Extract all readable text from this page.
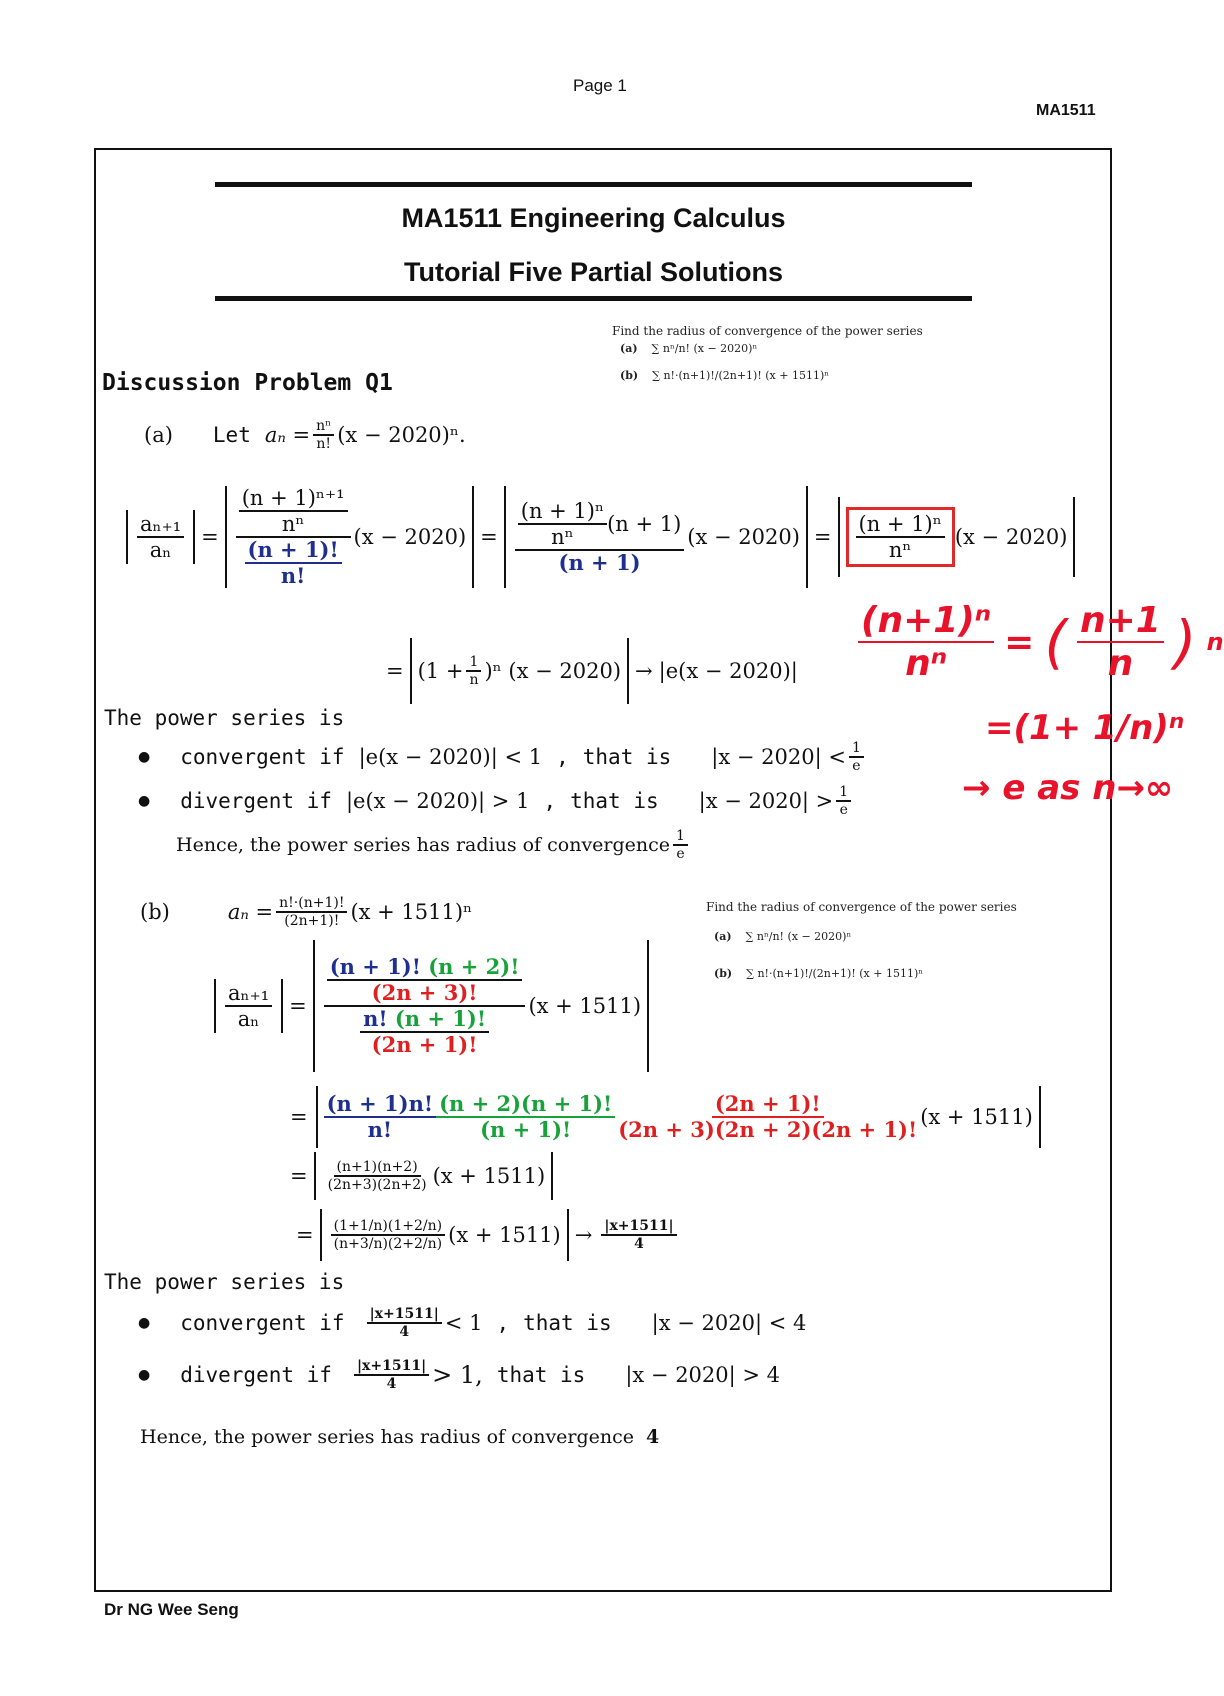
Page 1
MA1511
MA1511 Engineering Calculus
Tutorial Five Partial Solutions
Find the radius of convergence of the power series
(a) ∑ nⁿ/n! (x − 2020)ⁿ
(b) ∑ n!·(n+1)!/(2n+1)! (x + 1511)ⁿ
Discussion Problem Q1
(a) Let $a_n = \frac{\text{nⁿ}}{n!} (x - 2020)^n$.
$\frac{\text{aₙ₊₁}}{\text{aₙ}} = \frac{\frac{\text{(n + 1)ⁿ⁺¹}}{\text{nⁿ}}}{\frac{(n + 1)!}{n!}} (x - 2020) = \frac{\frac{\text{(n + 1)ⁿ}}{\text{nⁿ}} (n + 1)}{(n + 1)} (x - 2020) = \frac{\text{(n + 1)ⁿ}}{\text{nⁿ}} (x - 2020)$
= $(1 + \frac{1}{n} )^n$ $(x - 2020) \to |e(x - 2020)| \frac{\text{(n+1)ⁿ}}{\text{nⁿ}}$ = ( $\frac{n+1}{n}$ ) n
=(1+ 1/n)ⁿ
→ e as n→∞
The power series is
● convergent if |e(x − 2020)| < 1 , that is $|x - 2020| < \frac{1}{e}$
● divergent if |e(x − 2020)| > 1 , that is $|x - 2020| > \frac{1}{e}$
Hence, the power series has radius of convergence $\frac{1}{e}$
Find the radius of convergence of the power series
(a) ∑ nⁿ/n! (x − 2020)ⁿ
(b) ∑ n!·(n+1)!/(2n+1)! (x + 1511)ⁿ
(b)	$a_n = \frac{n!\cdot(n+1)!}{(2n+1)!} (x + 1511)^n$
$\frac{\text{aₙ₊₁}}{\text{aₙ}} = \frac{\frac{(n + 1)! (n + 2)!}{(2n + 3)!}}{\frac{n! (n + 1)!}{(2n + 1)!}} (x + 1511)$
= $\frac{(n + 1)n!}{n!} \frac{(n + 2)(n + 1)!}{(n + 1)!} \frac{(2n + 1)!}{(2n + 3)(2n + 2)(2n + 1)!} (x + 1511)$
= $\frac{(n+1)(n+2)}{(2n+3)(2n+2)} (x + 1511)$
= $\frac{(1+1/n)(1+2/n)}{(n+3/n)(2+2/n)} (x + 1511) \to \frac{|x+1511|}{4}$
The power series is
● convergent if $\frac{|x+1511|}{4} < 1$ , that is |x − 2020| < 4
● divergent if $\frac{|x+1511|}{4} > 1$, that is |x − 2020| > 4
Hence, the power series has radius of convergence 4
Dr NG Wee Seng
